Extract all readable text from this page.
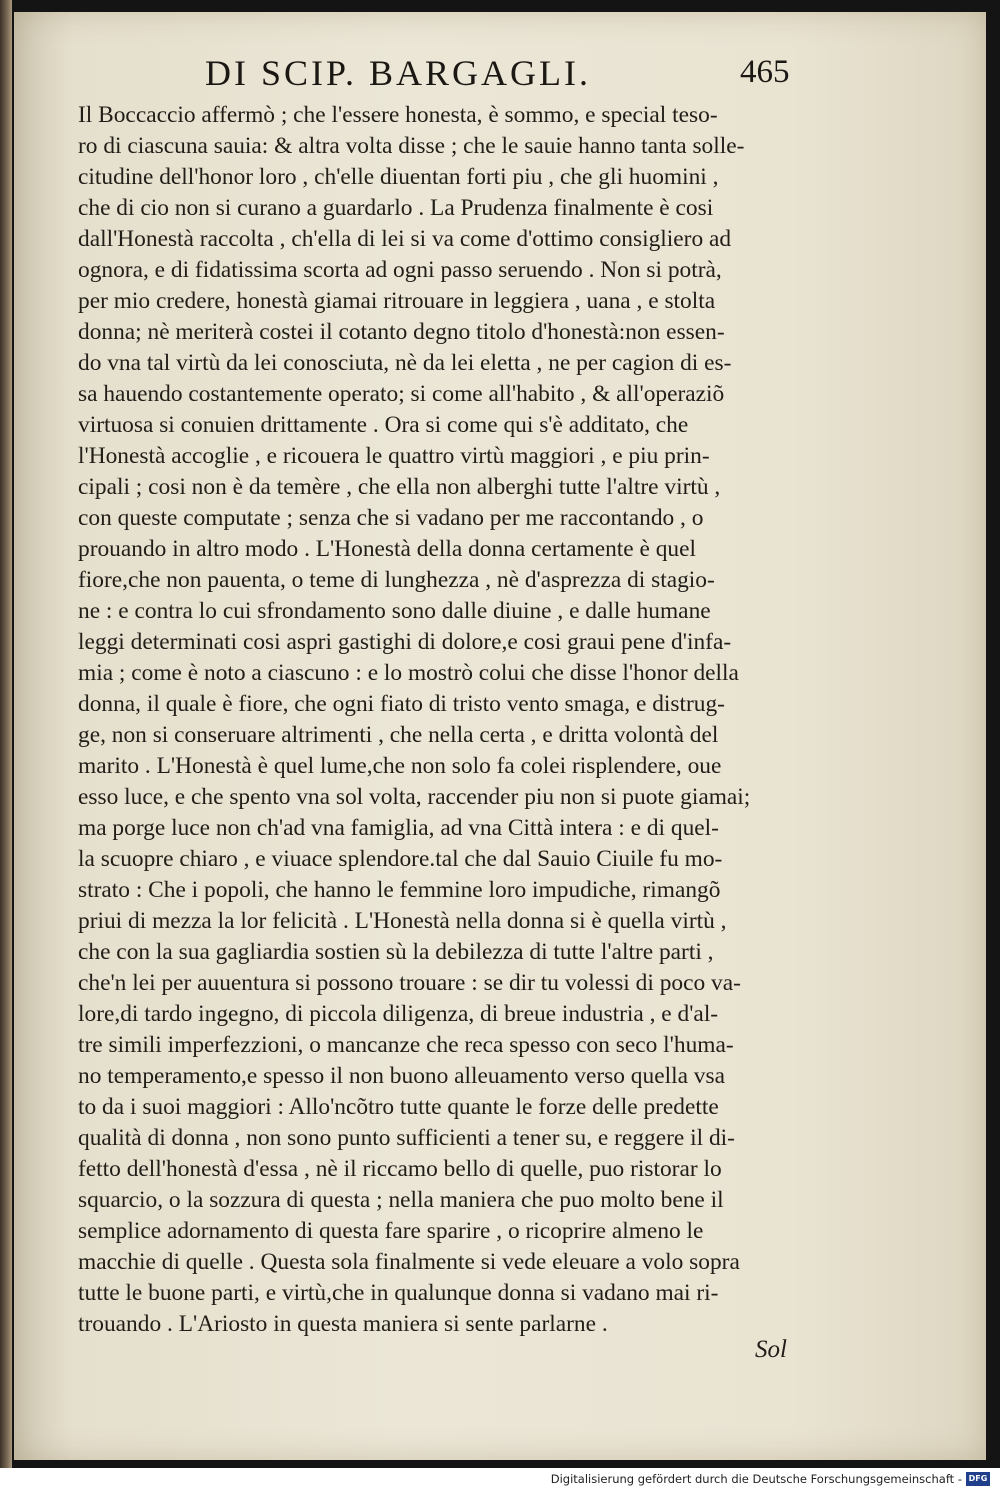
DI SCIP. BARGAGLI.	465
Il Boccaccio affermò ; che l'essere honesta, è sommo, e special teso-
ro di ciascuna sauia: & altra volta disse ; che le sauie hanno tanta solle-
citudine dell'honor loro , ch'elle diuentan forti piu , che gli huomini ,
che di cio non si curano a guardarlo . La Prudenza finalmente è cosi
dall'Honestà raccolta , ch'ella di lei si va come d'ottimo consigliero ad
ognora, e di fidatissima scorta ad ogni passo seruendo . Non si potrà,
per mio credere, honestà giamai ritrouare in leggiera , uana , e stolta
donna; nè meriterà costei il cotanto degno titolo d'honestà:non essen-
do vna tal virtù da lei conosciuta, nè da lei eletta , ne per cagion di es-
sa hauendo costantemente operato; si come all'habito , & all'operaziõ
virtuosa si conuien drittamente . Ora si come qui s'è additato, che
l'Honestà accoglie , e ricouera le quattro virtù maggiori , e piu prin-
cipali ; cosi non è da temère , che ella non alberghi tutte l'altre virtù ,
con queste computate ; senza che si vadano per me raccontando , o
prouando in altro modo . L'Honestà della donna certamente è quel
fiore,che non pauenta, o teme di lunghezza , nè d'asprezza di stagio-
ne : e contra lo cui sfrondamento sono dalle diuine , e dalle humane
leggi determinati cosi aspri gastighi di dolore,e cosi graui pene d'infa-
mia ; come è noto a ciascuno : e lo mostrò colui che disse l'honor della
donna, il quale è fiore, che ogni fiato di tristo vento smaga, e distrug-
ge, non si conseruare altrimenti , che nella certa , e dritta volontà del
marito . L'Honestà è quel lume,che non solo fa colei risplendere, oue
esso luce, e che spento vna sol volta, raccender piu non si puote giamai;
ma porge luce non ch'ad vna famiglia, ad vna Città intera : e di quel-
la scuopre chiaro , e viuace splendore.tal che dal Sauio Ciuile fu mo-
strato : Che i popoli, che hanno le femmine loro impudiche, rimangõ
priui di mezza la lor felicità . L'Honestà nella donna si è quella virtù ,
che con la sua gagliardia sostien sù la debilezza di tutte l'altre parti ,
che'n lei per auuentura si possono trouare : se dir tu volessi di poco va-
lore,di tardo ingegno, di piccola diligenza, di breue industria , e d'al-
tre simili imperfezzioni, o mancanze che reca spesso con seco l'huma-
no temperamento,e spesso il non buono alleuamento verso quella vsa
to da i suoi maggiori : Allo'ncõtro tutte quante le forze delle predette
qualità di donna , non sono punto sufficienti a tener su, e reggere il di-
fetto dell'honestà d'essa , nè il riccamo bello di quelle, puo ristorar lo
squarcio, o la sozzura di questa ; nella maniera che puo molto bene il
semplice adornamento di questa fare sparire , o ricoprire almeno le
macchie di quelle . Questa sola finalmente si vede eleuare a volo sopra
tutte le buone parti, e virtù,che in qualunque donna si vadano mai ri-
trouando . L'Ariosto in questa maniera si sente parlarne .
Sol
Digitalisierung gefördert durch die Deutsche Forschungsgemeinschaft - DFG
